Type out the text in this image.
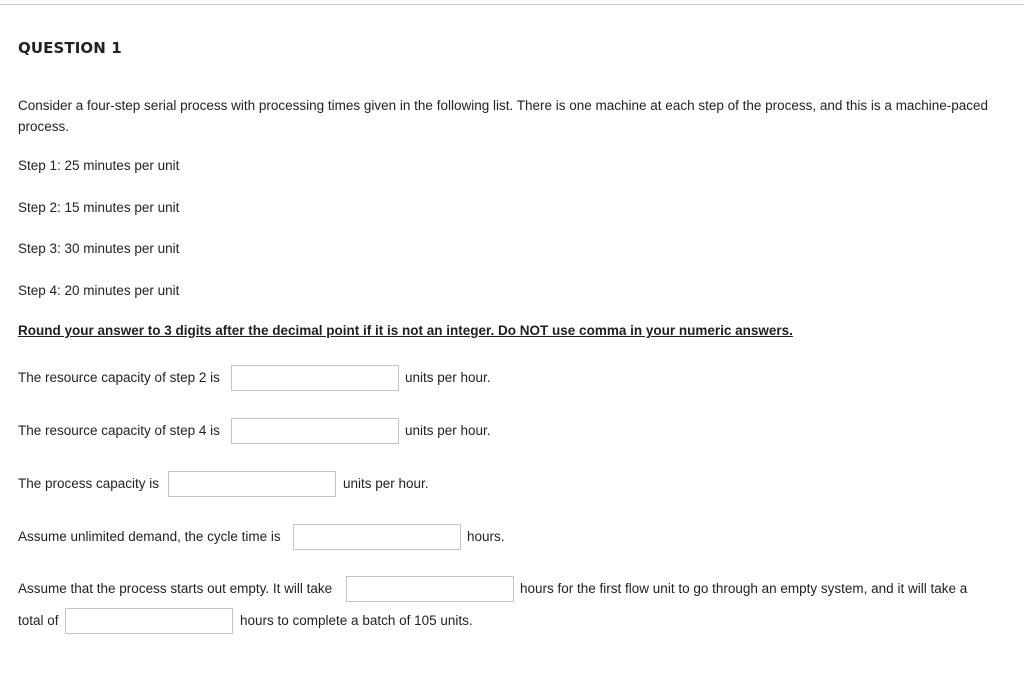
QUESTION 1
Consider a four-step serial process with processing times given in the following list. There is one machine at each step of the process, and this is a machine-paced process.
Step 1: 25 minutes per unit
Step 2: 15 minutes per unit
Step 3: 30 minutes per unit
Step 4: 20 minutes per unit
Round your answer to 3 digits after the decimal point if it is not an integer. Do NOT use comma in your numeric answers.
The resource capacity of step 2 is	units per hour.
The resource capacity of step 4 is	units per hour.
The process capacity is	units per hour.
Assume unlimited demand, the cycle time is	hours.
Assume that the process starts out empty. It will take	hours for the first flow unit to go through an empty system, and it will take a
total of	hours to complete a batch of 105 units.
